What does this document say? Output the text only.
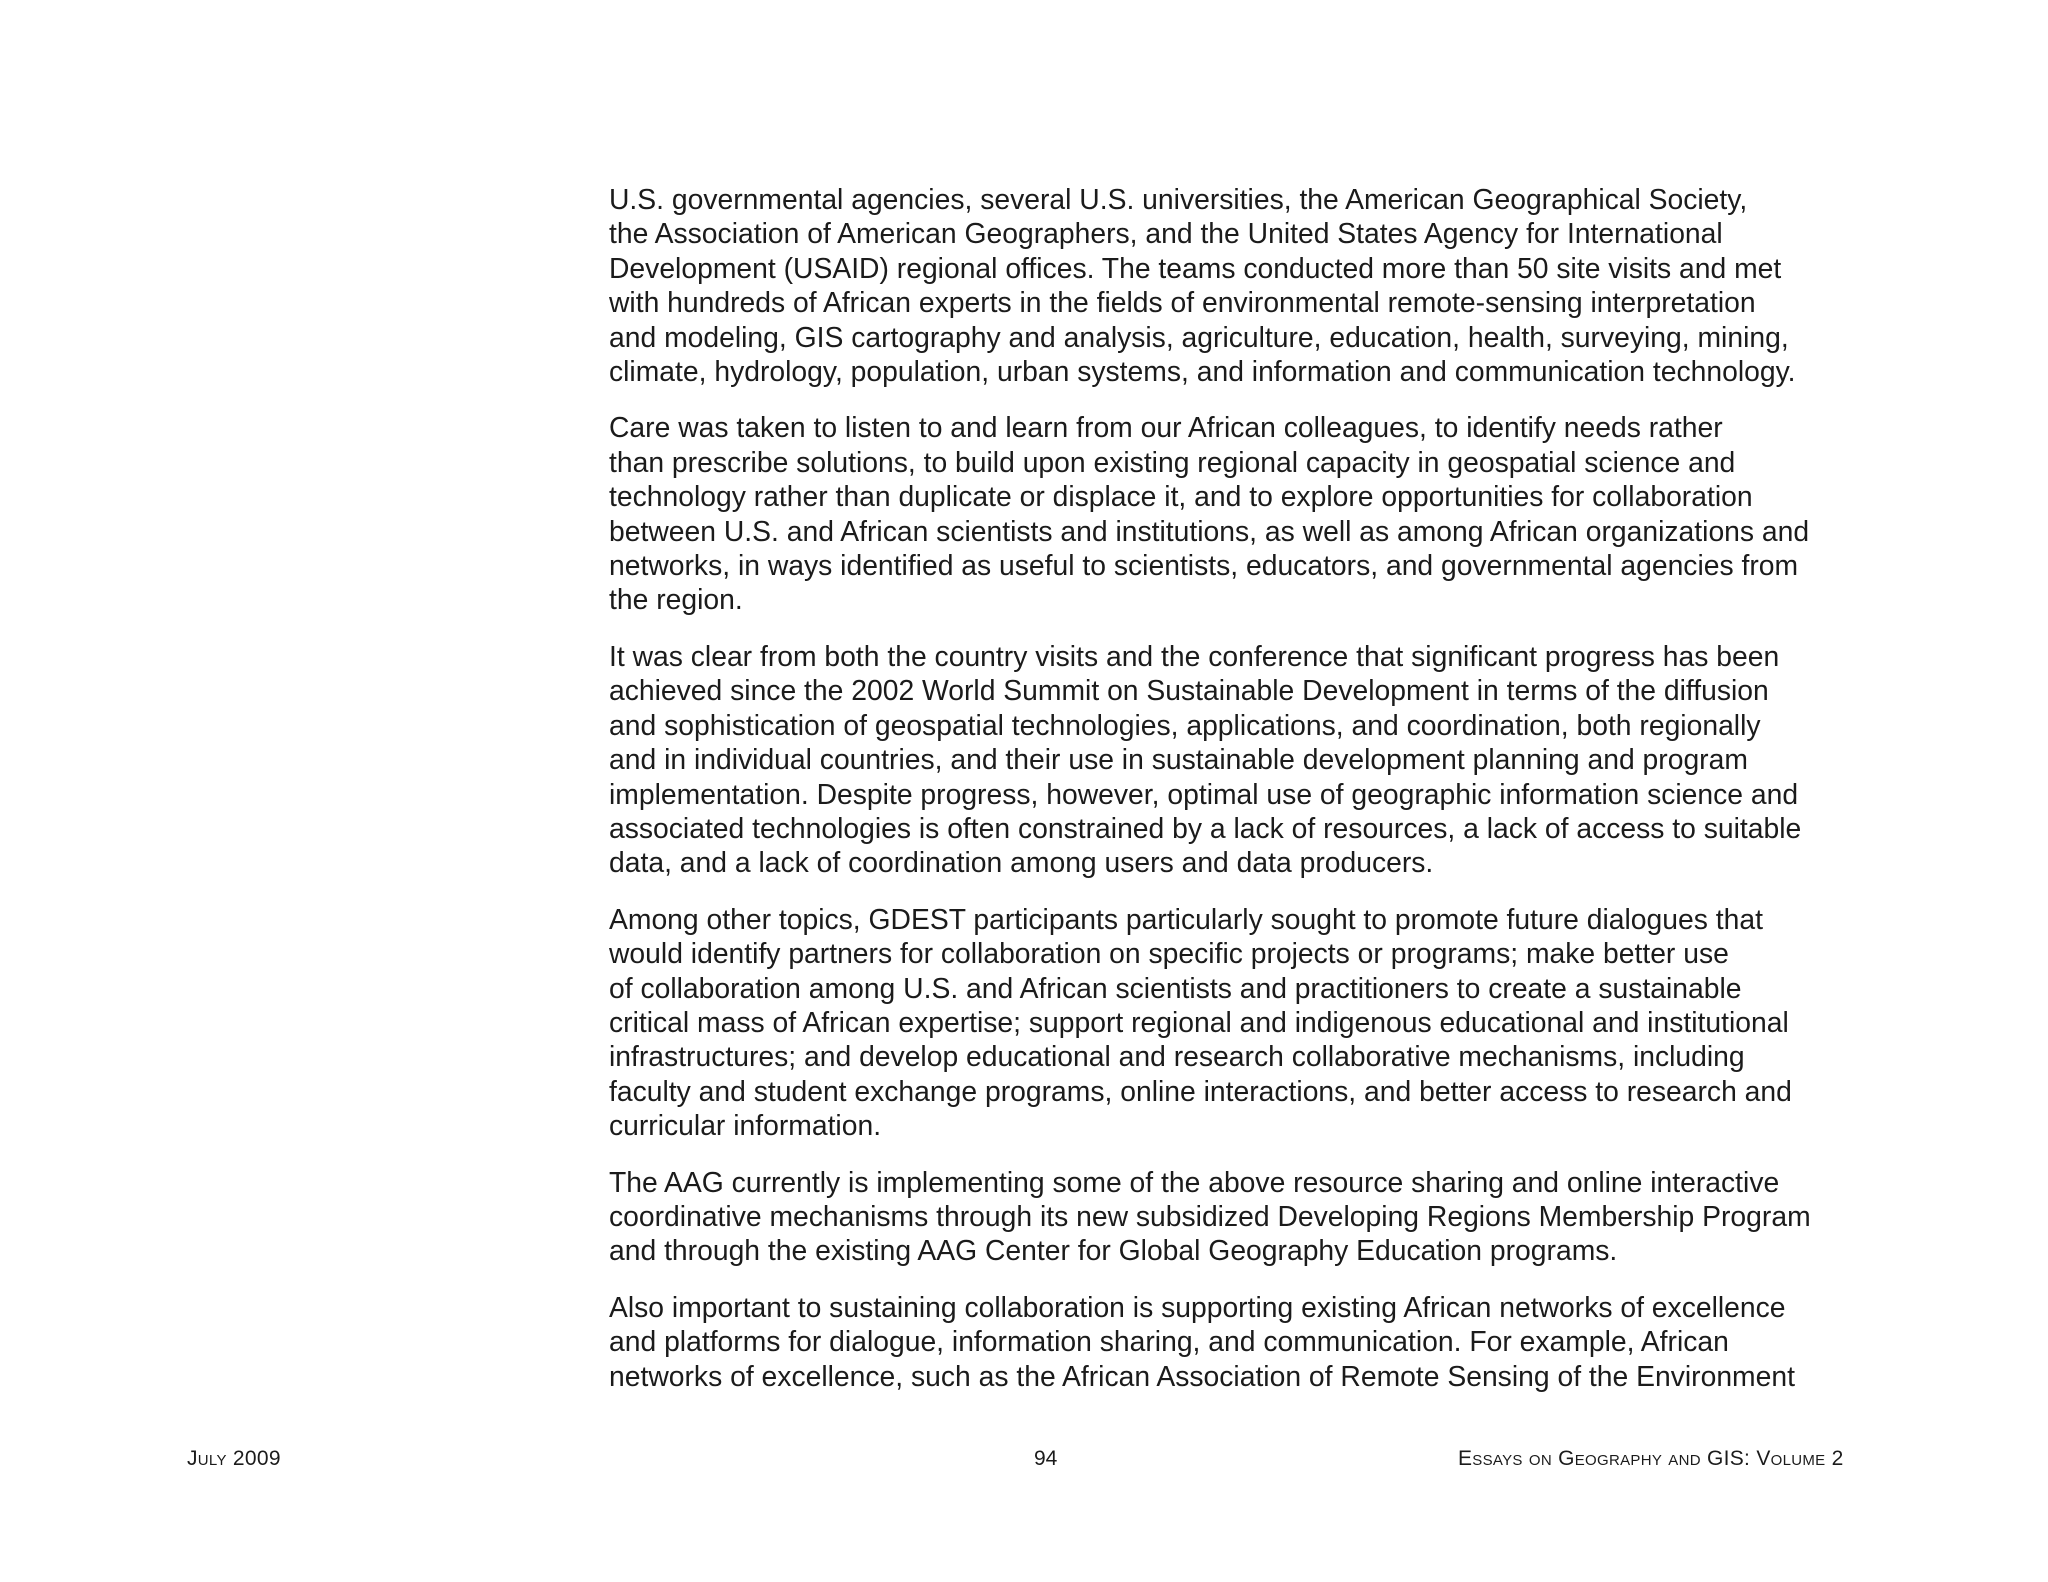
U.S. governmental agencies, several U.S. universities, the American Geographical Society,
the Association of American Geographers, and the United States Agency for International
Development (USAID) regional offices. The teams conducted more than 50 site visits and met
with hundreds of African experts in the fields of environmental remote-sensing interpretation
and modeling, GIS cartography and analysis, agriculture, education, health, surveying, mining,
climate, hydrology, population, urban systems, and information and communication technology.

Care was taken to listen to and learn from our African colleagues, to identify needs rather
than prescribe solutions, to build upon existing regional capacity in geospatial science and
technology rather than duplicate or displace it, and to explore opportunities for collaboration
between U.S. and African scientists and institutions, as well as among African organizations and
networks, in ways identified as useful to scientists, educators, and governmental agencies from
the region.

It was clear from both the country visits and the conference that significant progress has been
achieved since the 2002 World Summit on Sustainable Development in terms of the diffusion
and sophistication of geospatial technologies, applications, and coordination, both regionally
and in individual countries, and their use in sustainable development planning and program
implementation. Despite progress, however, optimal use of geographic information science and
associated technologies is often constrained by a lack of resources, a lack of access to suitable
data, and a lack of coordination among users and data producers.

Among other topics, GDEST participants particularly sought to promote future dialogues that
would identify partners for collaboration on specific projects or programs; make better use
of collaboration among U.S. and African scientists and practitioners to create a sustainable
critical mass of African expertise; support regional and indigenous educational and institutional
infrastructures; and develop educational and research collaborative mechanisms, including
faculty and student exchange programs, online interactions, and better access to research and
curricular information.

The AAG currently is implementing some of the above resource sharing and online interactive
coordinative mechanisms through its new subsidized Developing Regions Membership Program
and through the existing AAG Center for Global Geography Education programs.

Also important to sustaining collaboration is supporting existing African networks of excellence
and platforms for dialogue, information sharing, and communication. For example, African
networks of excellence, such as the African Association of Remote Sensing of the Environment

July 2009	94	Essays on Geography and GIS: Volume 2
